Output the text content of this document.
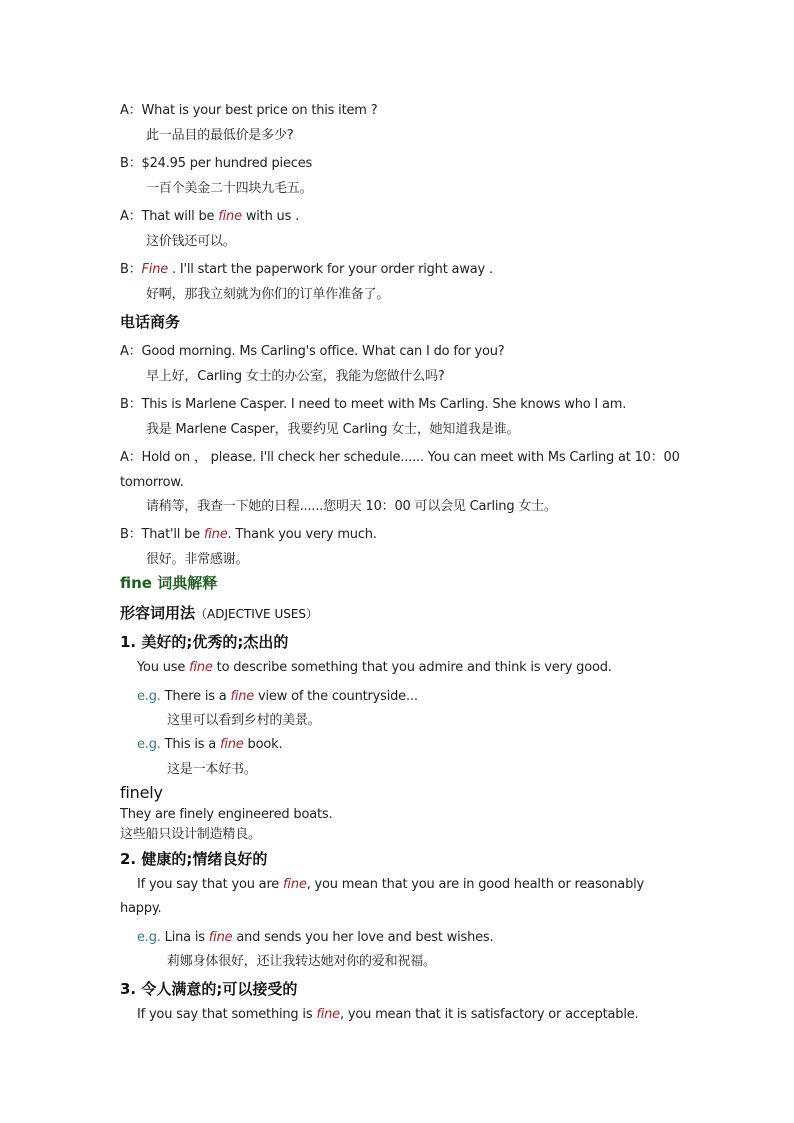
A：What is your best price on this item ?
此一品目的最低价是多少?
B：$24.95 per hundred pieces
一百个美金二十四块九毛五。
A：That will be fine with us .
这价钱还可以。
B：Fine . I'll start the paperwork for your order right away .
好啊，那我立刻就为你们的订单作准备了。
电话商务
A：Good morning. Ms Carling's office. What can I do for you?
早上好，Carling 女士的办公室，我能为您做什么吗?
B：This is Marlene Casper. I need to meet with Ms Carling. She knows who I am.
我是 Marlene Casper，我要约见 Carling 女士，她知道我是谁。
A：Hold on ， please. I'll check her schedule...... You can meet with Ms Carling at 10：00
tomorrow.
请稍等，我查一下她的日程......您明天 10：00 可以会见 Carling 女士。
B：That'll be fine. Thank you very much.
很好。非常感谢。
fine 词典解释
形容词用法（ADJECTIVE USES）
1. 美好的;优秀的;杰出的
You use fine to describe something that you admire and think is very good.
e.g. There is a fine view of the countryside...
这里可以看到乡村的美景。
e.g. This is a fine book.
这是一本好书。
finely
They are finely engineered boats.
这些船只设计制造精良。
2. 健康的;情绪良好的
If you say that you are fine, you mean that you are in good health or reasonably
happy.
e.g. Lina is fine and sends you her love and best wishes.
莉娜身体很好，还让我转达她对你的爱和祝福。
3. 令人满意的;可以接受的
If you say that something is fine, you mean that it is satisfactory or acceptable.
